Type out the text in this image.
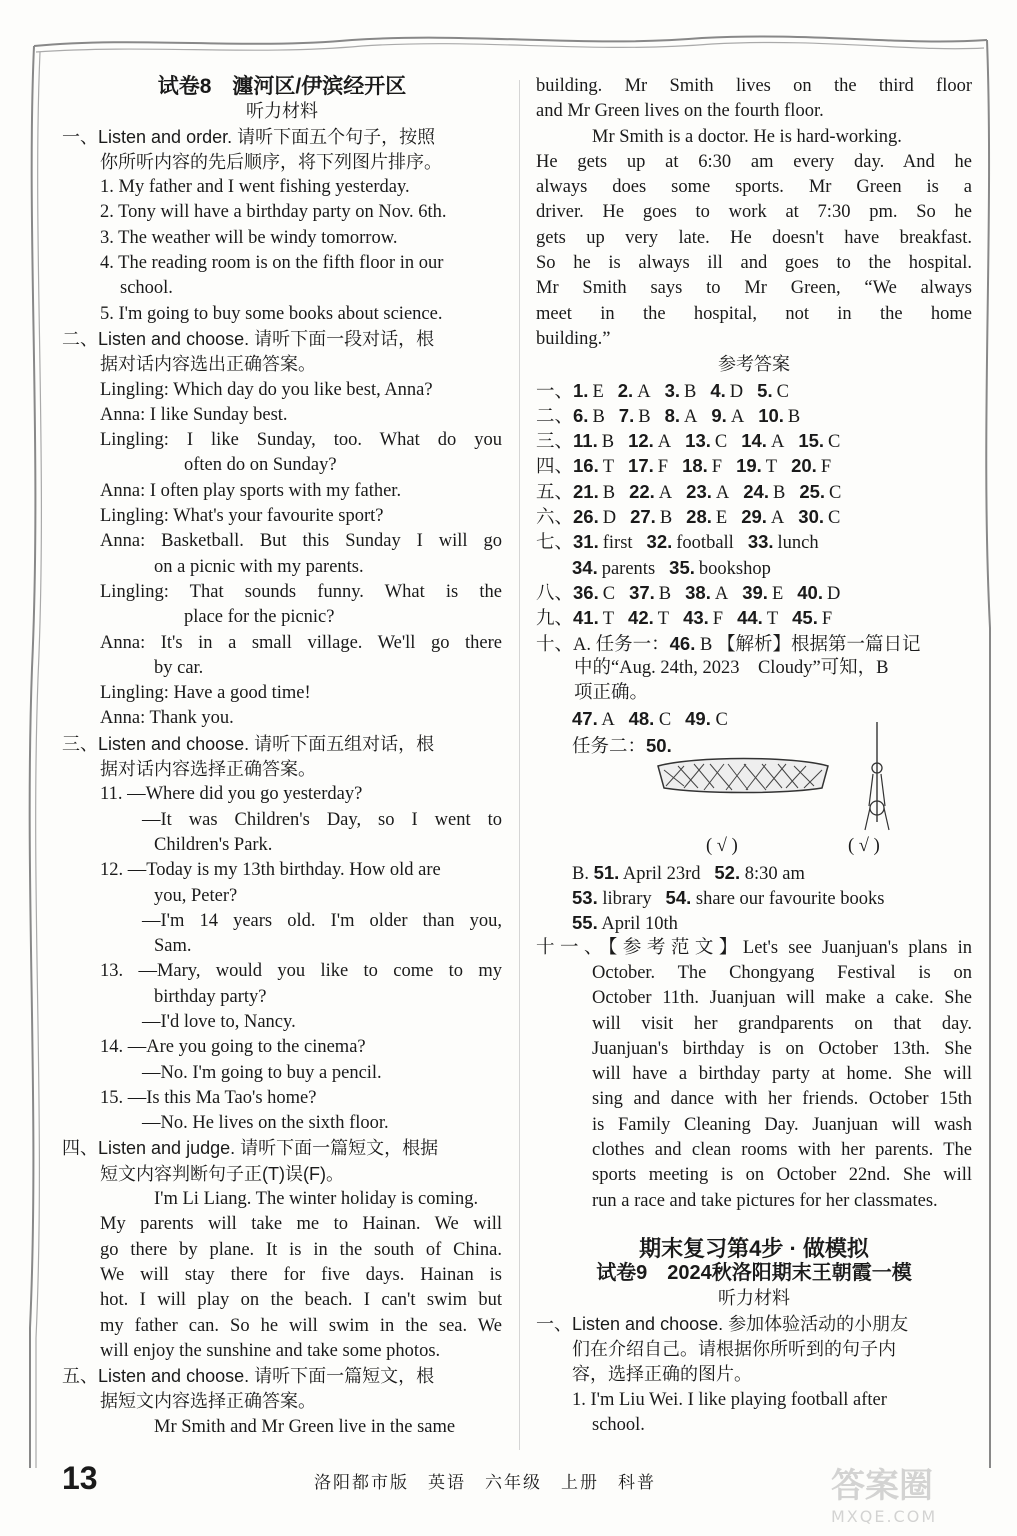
试卷8　瀍河区/伊滨经开区
听力材料
一、Listen and order. 请听下面五个句子，按照
你所听内容的先后顺序，将下列图片排序。
1. My father and I went fishing yesterday.
2. Tony will have a birthday party on Nov. 6th.
3. The weather will be windy tomorrow.
4. The reading room is on the fifth floor in our
school.
5. I'm going to buy some books about science.
二、Listen and choose. 请听下面一段对话，根
据对话内容选出正确答案。
Lingling: Which day do you like best, Anna?
Anna: I like Sunday best.
Lingling: I like Sunday, too. What do you
often do on Sunday?
Anna: I often play sports with my father.
Lingling: What's your favourite sport?
Anna: Basketball. But this Sunday I will go
on a picnic with my parents.
Lingling: That sounds funny. What is the
place for the picnic?
Anna: It's in a small village. We'll go there
by car.
Lingling: Have a good time!
Anna: Thank you.
三、Listen and choose. 请听下面五组对话，根
据对话内容选择正确答案。
11. —Where did you go yesterday?
—It was Children's Day, so I went to
Children's Park.
12. —Today is my 13th birthday. How old are
you, Peter?
—I'm 14 years old. I'm older than you,
Sam.
13. —Mary, would you like to come to my
birthday party?
—I'd love to, Nancy.
14. —Are you going to the cinema?
—No. I'm going to buy a pencil.
15. —Is this Ma Tao's home?
—No. He lives on the sixth floor.
四、Listen and judge. 请听下面一篇短文，根据
短文内容判断句子正(T)误(F)。
I'm Li Liang. The winter holiday is coming.
My parents will take me to Hainan. We will
go there by plane. It is in the south of China.
We will stay there for five days. Hainan is
hot. I will play on the beach. I can't swim but
my father can. So he will swim in the sea. We
will enjoy the sunshine and take some photos.
五、Listen and choose. 请听下面一篇短文，根
据短文内容选择正确答案。
Mr Smith and Mr Green live in the same
building. Mr Smith lives on the third floor
and Mr Green lives on the fourth floor.
Mr Smith is a doctor. He is hard-working.
He gets up at 6:30 am every day. And he
always does some sports. Mr Green is a
driver. He goes to work at 7:30 pm. So he
gets up very late. He doesn't have breakfast.
So he is always ill and goes to the hospital.
Mr Smith says to Mr Green, “We always
meet in the hospital, not in the home
building.”
参考答案
一、1. E 2. A 3. B 4. D 5. C
二、6. B 7. B 8. A 9. A 10. B
三、11. B 12. A 13. C 14. A 15. C
四、16. T 17. F 18. F 19. T 20. F
五、21. B 22. A 23. A 24. B 25. C
六、26. D 27. B 28. E 29. A 30. C
七、31. first 32. football 33. lunch
34. parents 35. bookshop
八、36. C 37. B 38. A 39. E 40. D
九、41. T 42. T 43. F 44. T 45. F
十、A. 任务一：46. B 【解析】根据第一篇日记
中的“Aug. 24th, 2023　Cloudy”可知，B
项正确。
47. A 48. C 49. C
任务二：50.
( √ )	( √ )
B. 51. April 23rd 52. 8:30 am
53. library 54. share our favourite books
55. April 10th
十一、【参考范文】Let's see Juanjuan's plans in
October. The Chongyang Festival is on
October 11th. Juanjuan will make a cake. She
will visit her grandparents on that day.
Juanjuan's birthday is on October 13th. She
will have a birthday party at home. She will
sing and dance with her friends. October 15th
is Family Cleaning Day. Juanjuan will wash
clothes and clean rooms with her parents. The
sports meeting is on October 22nd. She will
run a race and take pictures for her classmates.
期末复习第4步 · 做模拟
试卷9　2024秋洛阳期末王朝霞一模
听力材料
一、Listen and choose. 参加体验活动的小朋友
们在介绍自己。请根据你所听到的句子内
容，选择正确的图片。
1. I'm Liu Wei. I like playing football after
school.
13	洛阳都市版　英语　六年级　上册　科普	答案圈
MXQE.COM
